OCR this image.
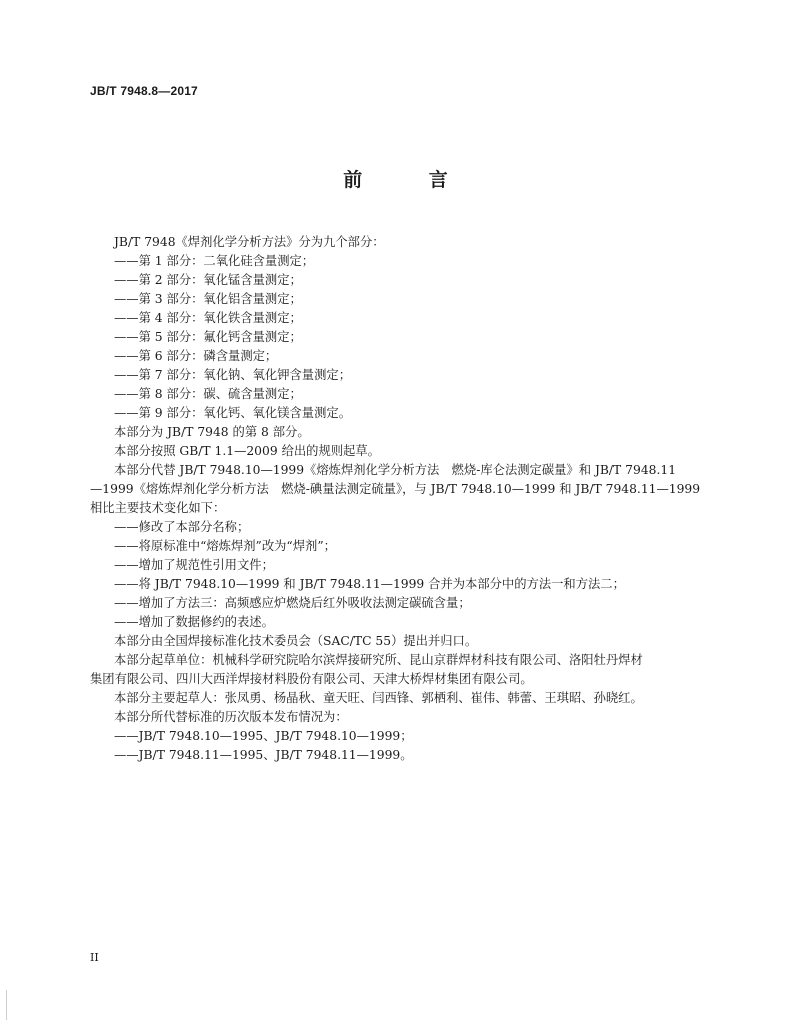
JB/T 7948.8—2017
前 言
JB/T 7948《焊剂化学分析方法》分为九个部分：
——第 1 部分：二氧化硅含量测定；
——第 2 部分：氧化锰含量测定；
——第 3 部分：氧化铝含量测定；
——第 4 部分：氧化铁含量测定；
——第 5 部分：氟化钙含量测定；
——第 6 部分：磷含量测定；
——第 7 部分：氧化钠、氧化钾含量测定；
——第 8 部分：碳、硫含量测定；
——第 9 部分：氧化钙、氧化镁含量测定。
本部分为 JB/T 7948 的第 8 部分。
本部分按照 GB/T 1.1—2009 给出的规则起草。
本部分代替 JB/T 7948.10—1999《熔炼焊剂化学分析方法　燃烧-库仑法测定碳量》和 JB/T 7948.11
—1999《熔炼焊剂化学分析方法　燃烧-碘量法测定硫量》，与 JB/T 7948.10—1999 和 JB/T 7948.11—1999
相比主要技术变化如下：
——修改了本部分名称；
——将原标准中“熔炼焊剂”改为“焊剂”；
——增加了规范性引用文件；
——将 JB/T 7948.10—1999 和 JB/T 7948.11—1999 合并为本部分中的方法一和方法二；
——增加了方法三：高频感应炉燃烧后红外吸收法测定碳硫含量；
——增加了数据修约的表述。
本部分由全国焊接标准化技术委员会（SAC/TC 55）提出并归口。
本部分起草单位：机械科学研究院哈尔滨焊接研究所、昆山京群焊材科技有限公司、洛阳牡丹焊材
集团有限公司、四川大西洋焊接材料股份有限公司、天津大桥焊材集团有限公司。
本部分主要起草人：张凤勇、杨晶秋、童天旺、闫西锋、郭栖利、崔伟、韩蕾、王琪昭、孙晓红。
本部分所代替标准的历次版本发布情况为：
——JB/T 7948.10—1995、JB/T 7948.10—1999；
——JB/T 7948.11—1995、JB/T 7948.11—1999。
II
